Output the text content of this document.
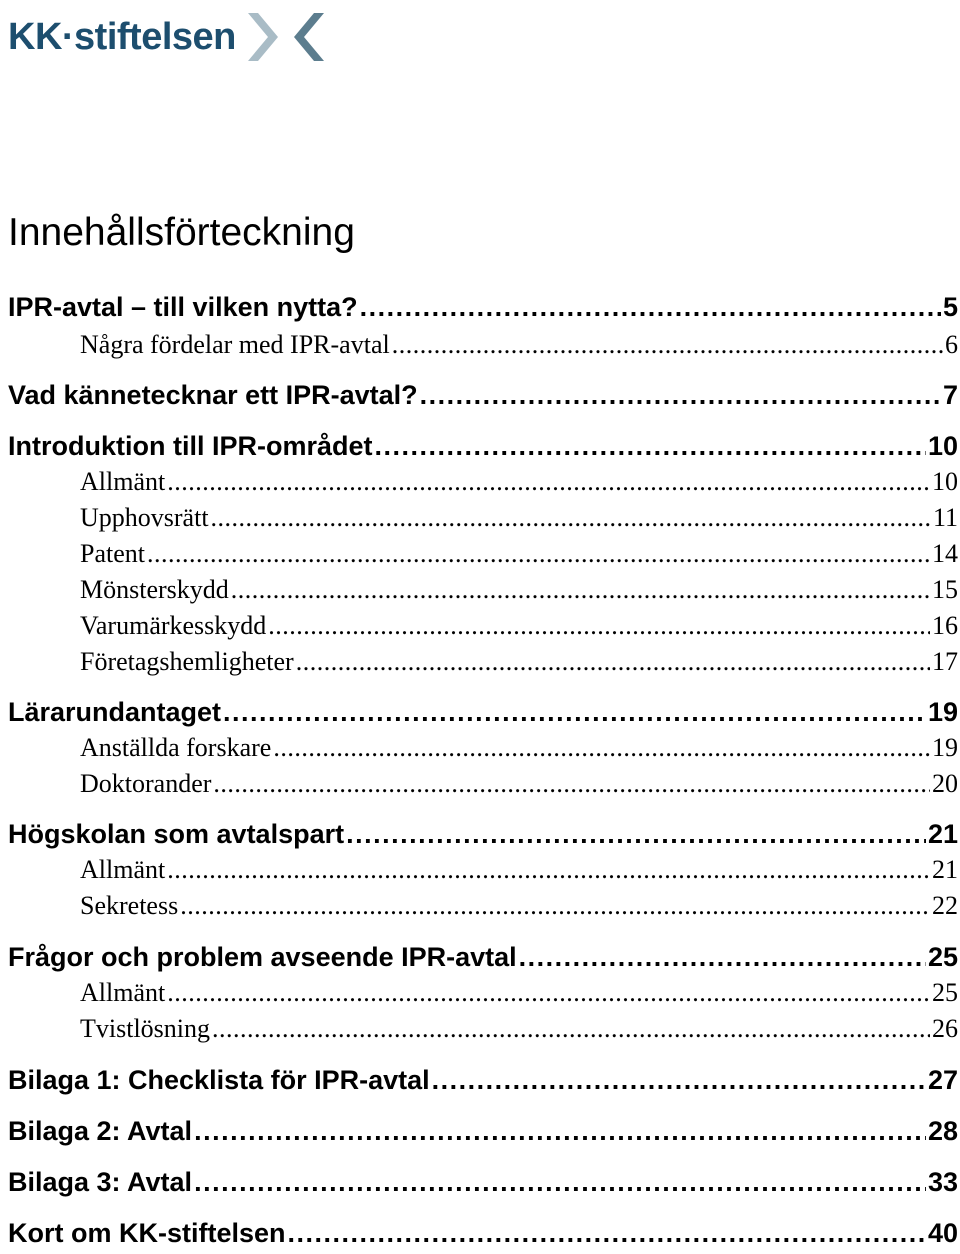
KK·stiftelsen
Innehållsförteckning
IPR-avtal – till vilken nytta? . . .	5
Några fördelar med IPR-avtal . . .	6
Vad kännetecknar ett IPR-avtal? . . .	7
Introduktion till IPR-området . . .	10
Allmänt . . .	10
Upphovsrätt . . .	11
Patent . . .	14
Mönsterskydd . . .	15
Varumärkesskydd . . .	16
Företagshemligheter . . .	17
Lärarundantaget . . .	19
Anställda forskare . . .	19
Doktorander . . .	20
Högskolan som avtalspart . . .	21
Allmänt . . .	21
Sekretess . . .	22
Frågor och problem avseende IPR-avtal . . .	25
Allmänt . . .	25
Tvistlösning . . .	26
Bilaga 1: Checklista för IPR-avtal . . .	27
Bilaga 2: Avtal . . .	28
Bilaga 3: Avtal . . .	33
Kort om KK-stiftelsen . . .	40
